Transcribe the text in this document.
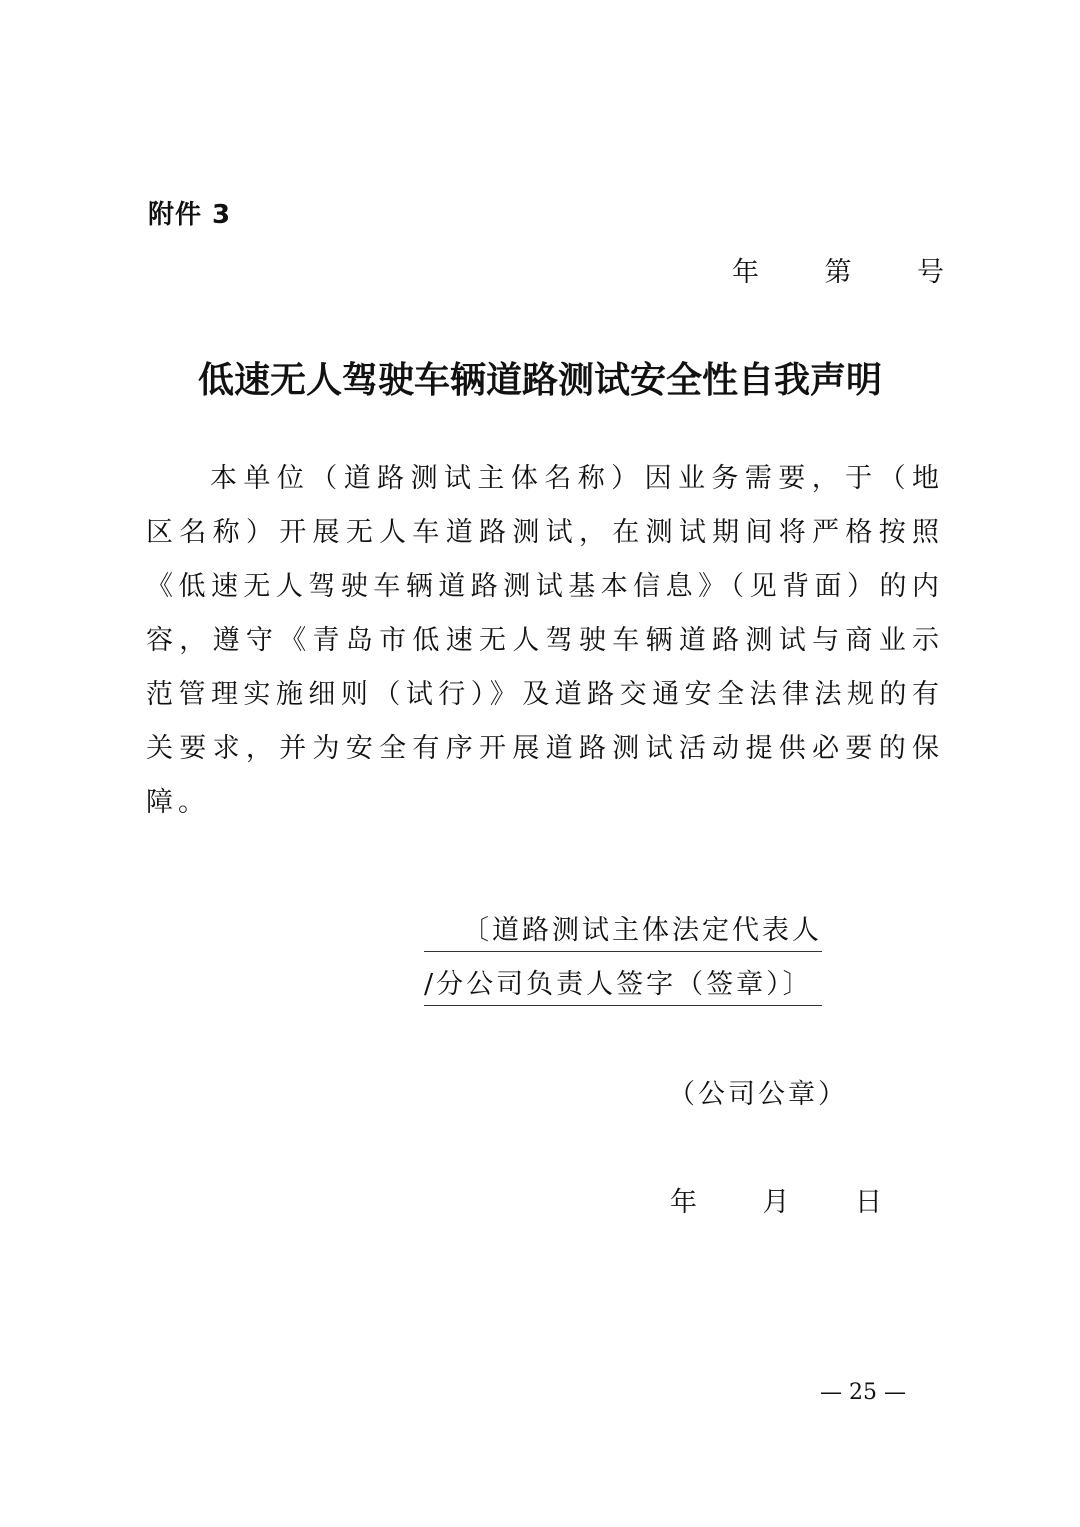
附件 3
年 第 号
低速无人驾驶车辆道路测试安全性自我声明

本单位（道路测试主体名称）因业务需要，于（地区名称）开展无人车道路测试，在测试期间将严格按照《低速无人驾驶车辆道路测试基本信息》（见背面）的内容，遵守《青岛市低速无人驾驶车辆道路测试与商业示范管理实施细则（试行）》及道路交通安全法律法规的有关要求，并为安全有序开展道路测试活动提供必要的保障。

〔道路测试主体法定代表人
/分公司负责人签字（签章）〕
（公司公章）
年 月 日
— 25 —
